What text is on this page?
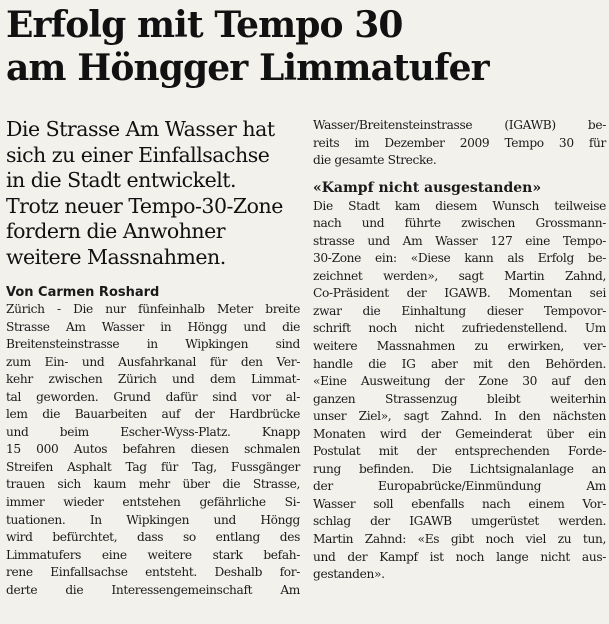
Erfolg mit Tempo 30
am Höngger Limmatufer
Die Strasse Am Wasser hat
sich zu einer Einfallsachse
in die Stadt entwickelt.
Trotz neuer Tempo-30-Zone
fordern die Anwohner
weitere Massnahmen.
Von Carmen Roshard
Zürich - Die nur fünfeinhalb Meter breite
Strasse Am Wasser in Höngg und die
Breitensteinstrasse in Wipkingen sind
zum Ein- und Ausfahrkanal für den Ver-
kehr zwischen Zürich und dem Limmat-
tal geworden. Grund dafür sind vor al-
lem die Bauarbeiten auf der Hardbrücke
und beim Escher-Wyss-Platz. Knapp
15 000 Autos befahren diesen schmalen
Streifen Asphalt Tag für Tag, Fussgänger
trauen sich kaum mehr über die Strasse,
immer wieder entstehen gefährliche Si-
tuationen. In Wipkingen und Höngg
wird befürchtet, dass so entlang des
Limmatufers eine weitere stark befah-
rene Einfallsachse entsteht. Deshalb for-
derte die Interessengemeinschaft Am
Wasser/Breitensteinstrasse (IGAWB) be-
reits im Dezember 2009 Tempo 30 für
die gesamte Strecke.
«Kampf nicht ausgestanden»
Die Stadt kam diesem Wunsch teilweise
nach und führte zwischen Grossmann-
strasse und Am Wasser 127 eine Tempo-
30-Zone ein: «Diese kann als Erfolg be-
zeichnet werden», sagt Martin Zahnd,
Co-Präsident der IGAWB. Momentan sei
zwar die Einhaltung dieser Tempovor-
schrift noch nicht zufriedenstellend. Um
weitere Massnahmen zu erwirken, ver-
handle die IG aber mit den Behörden.
«Eine Ausweitung der Zone 30 auf den
ganzen Strassenzug bleibt weiterhin
unser Ziel», sagt Zahnd. In den nächsten
Monaten wird der Gemeinderat über ein
Postulat mit der entsprechenden Forde-
rung befinden. Die Lichtsignalanlage an
der Europabrücke/Einmündung Am
Wasser soll ebenfalls nach einem Vor-
schlag der IGAWB umgerüstet werden.
Martin Zahnd: «Es gibt noch viel zu tun,
und der Kampf ist noch lange nicht aus-
gestanden».
